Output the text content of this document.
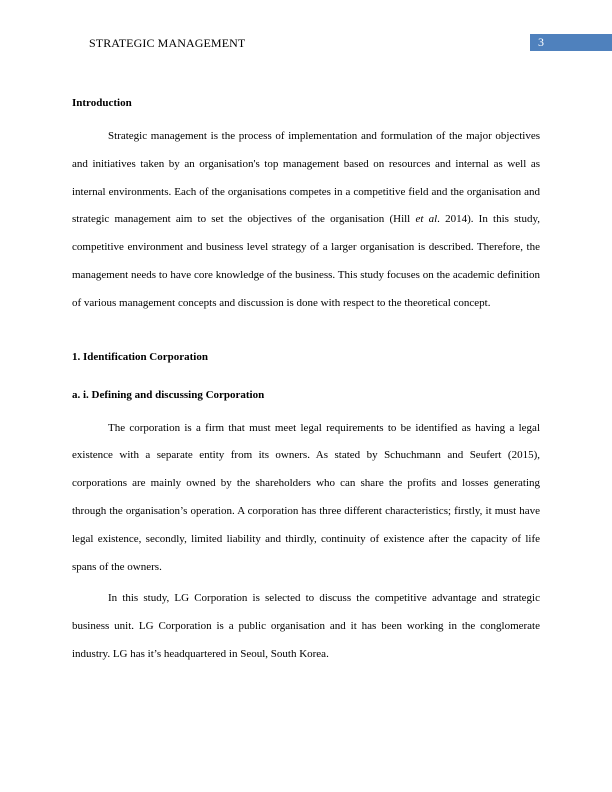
STRATEGIC MANAGEMENT	3

Introduction

Strategic management is the process of implementation and formulation of the major objectives and initiatives taken by an organisation's top management based on resources and internal as well as internal environments. Each of the organisations competes in a competitive field and the organisation and strategic management aim to set the objectives of the organisation (Hill et al. 2014). In this study, competitive environment and business level strategy of a larger organisation is described. Therefore, the management needs to have core knowledge of the business. This study focuses on the academic definition of various management concepts and discussion is done with respect to the theoretical concept.

1. Identification Corporation

a. i. Defining and discussing Corporation

The corporation is a firm that must meet legal requirements to be identified as having a legal existence with a separate entity from its owners. As stated by Schuchmann and Seufert (2015), corporations are mainly owned by the shareholders who can share the profits and losses generating through the organisation’s operation. A corporation has three different characteristics; firstly, it must have legal existence, secondly, limited liability and thirdly, continuity of existence after the capacity of life spans of the owners.

In this study, LG Corporation is selected to discuss the competitive advantage and strategic business unit. LG Corporation is a public organisation and it has been working in the conglomerate industry. LG has it’s headquartered in Seoul, South Korea.
